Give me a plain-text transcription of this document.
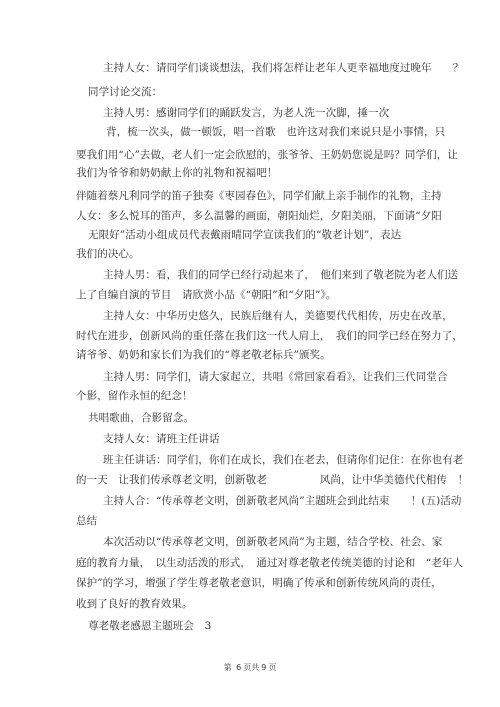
主持人女：请同学们谈谈想法，我们将怎样让老年人更幸福地度过晚年　　？
同学讨论交流：
主持人男：感谢同学们的踊跃发言，为老人洗一次脚，捶一次
背，梳一次头，做一顿饭，唱一首歌　也许这对我们来说只是小事情，只
要我们用“心”去做，老人们一定会欣慰的，张爷爷、王奶奶您说是吗？同学们，让
我们为爷爷和奶奶献上你的礼物和祝福吧！
伴随着蔡凡利同学的笛子独奏《枣园春色》，同学们献上亲手制作的礼物，主持
人女：多么悦耳的笛声，多么温馨的画面，朝阳灿烂，夕阳美丽，下面请“夕阳
无限好”活动小组成员代表戴雨晴同学宣读我们的“敬老计划”，表达
我们的决心。
主持人男：看，我们的同学已经行动起来了，　他们来到了敬老院为老人们送
上了自编自演的节目　请欣赏小品《“朝阳”和“夕阳”》。
主持人女：中华历史悠久，民族后继有人，美德要代代相传，历史在改革，
时代在进步，创新风尚的重任落在我们这一代人肩上，　我们的同学已经在努力了，
请爷爷、奶奶和家长们为我们的“尊老敬老标兵”颁奖。
主持人男：同学们，请大家起立，共唱《常回家看看》，让我们三代同堂合
个影，留作永恒的纪念！
共唱歌曲，合影留念。
支持人女：请班主任讲话
班主任讲话：同学们，你们在成长，我们在老去，但请你们记住：在你也有老
的一天　让我们传承尊老文明，创新敬老　　　　　风尚，让中华美德代代相传　！
主持人合：“传承尊老文明，创新敬老风尚”主题班会到此结束　　！(五)活动
总结
本次活动以“传承尊老文明，创新敬老风尚”为主题，结合学校、社会、家
庭的教育力量，　以生动活泼的形式，　通过对尊老敬老传统美德的讨论和　“老年人
保护”的学习，增强了学生尊老敬老意识，明确了传承和创新传统风尚的责任，
收到了良好的教育效果。
尊老敬老感恩主题班会　3
第 6 页共 9 页
